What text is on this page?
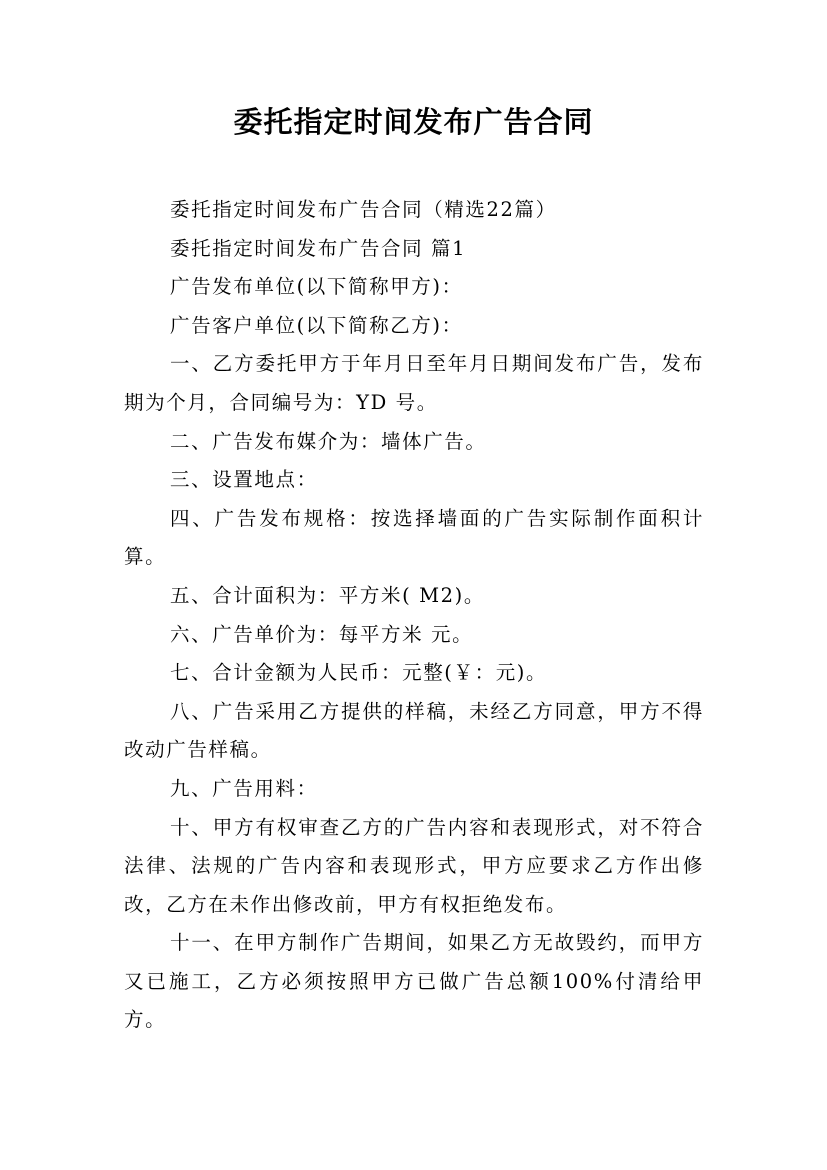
委托指定时间发布广告合同

委托指定时间发布广告合同（精选22篇）

委托指定时间发布广告合同 篇1

广告发布单位(以下简称甲方)：

广告客户单位(以下简称乙方)：

一、乙方委托甲方于年月日至年月日期间发布广告，发布期为个月，合同编号为：YD 号。

二、广告发布媒介为：墙体广告。

三、设置地点：

四、广告发布规格：按选择墙面的广告实际制作面积计算。

五、合计面积为：平方米( M2)。

六、广告单价为：每平方米 元。

七、合计金额为人民币：元整(￥：元)。

八、广告采用乙方提供的样稿，未经乙方同意，甲方不得改动广告样稿。

九、广告用料：

十、甲方有权审查乙方的广告内容和表现形式，对不符合法律、法规的广告内容和表现形式，甲方应要求乙方作出修改，乙方在未作出修改前，甲方有权拒绝发布。

十一、在甲方制作广告期间，如果乙方无故毁约，而甲方又已施工，乙方必须按照甲方已做广告总额100%付清给甲方。
